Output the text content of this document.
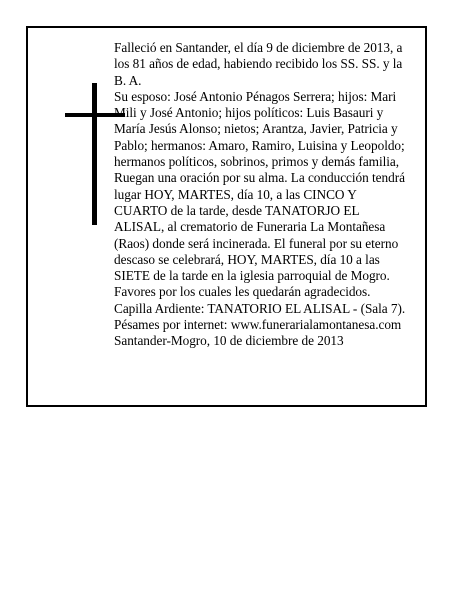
Falleció en Santander, el día 9 de diciembre de 2013, a
los 81 años de edad, habiendo recibido los SS. SS. y la
B. A.
Su esposo: José Antonio Pénagos Serrera; hijos: Mari
Mili y José Antonio; hijos políticos: Luis Basauri y
María Jesús Alonso; nietos; Arantza, Javier, Patricia y
Pablo; hermanos: Amaro, Ramiro, Luisina y Leopoldo;
hermanos políticos, sobrinos, primos y demás familia,
Ruegan una oración por su alma. La conducción tendrá
lugar HOY, MARTES, día 10, a las CINCO Y
CUARTO de la tarde, desde TANATORJO EL
ALISAL, al crematorio de Funeraria La Montañesa
(Raos) donde será incinerada. El funeral por su eterno
descaso se celebrará, HOY, MARTES, día 10 a las
SIETE de la tarde en la iglesia parroquial de Mogro.
Favores por los cuales les quedarán agradecidos.
Capilla Ardiente: TANATORIO EL ALISAL - (Sala 7).
Pésames por internet: www.funerarialamontanesa.com
Santander-Mogro, 10 de diciembre de 2013
